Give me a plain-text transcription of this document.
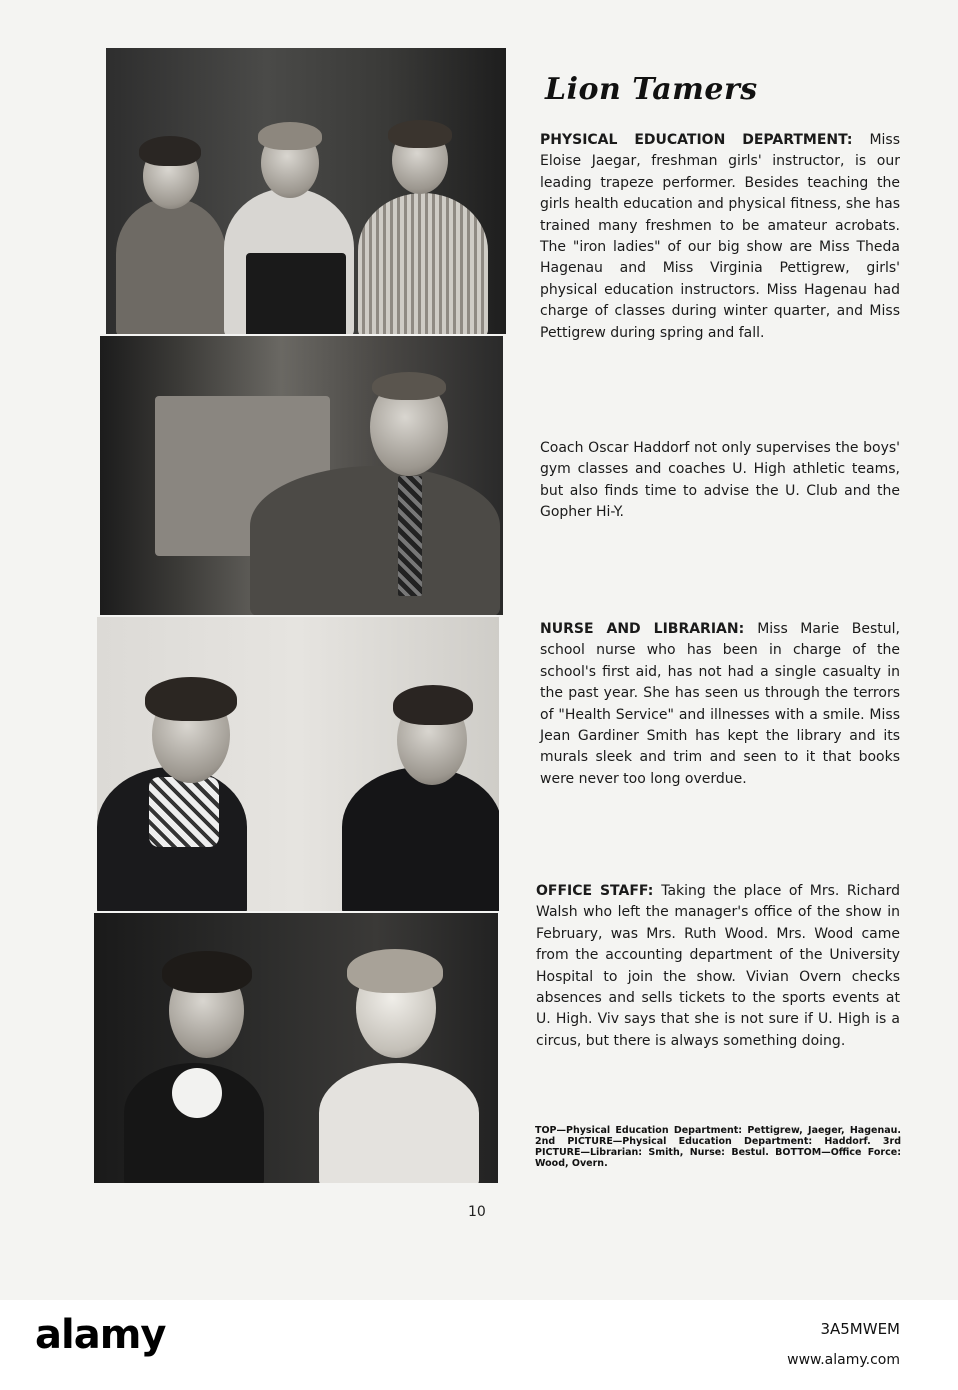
Lion Tamers

PHYSICAL EDUCATION DEPARTMENT: Miss Eloise Jaegar, freshman girls' instructor, is our leading trapeze performer. Besides teaching the girls health education and physical fitness, she has trained many freshmen to be amateur acrobats. The "iron ladies" of our big show are Miss Theda Hagenau and Miss Virginia Pettigrew, girls' physical education instructors. Miss Hagenau had charge of classes during winter quarter, and Miss Pettigrew during spring and fall.

Coach Oscar Haddorf not only supervises the boys' gym classes and coaches U. High athletic teams, but also finds time to advise the U. Club and the Gopher Hi-Y.

NURSE AND LIBRARIAN: Miss Marie Bestul, school nurse who has been in charge of the school's first aid, has not had a single casualty in the past year. She has seen us through the terrors of "Health Service" and illnesses with a smile. Miss Jean Gardiner Smith has kept the library and its murals sleek and trim and seen to it that books were never too long overdue.

OFFICE STAFF: Taking the place of Mrs. Richard Walsh who left the manager's office of the show in February, was Mrs. Ruth Wood. Mrs. Wood came from the accounting department of the University Hospital to join the show. Vivian Overn checks absences and sells tickets to the sports events at U. High. Viv says that she is not sure if U. High is a circus, but there is always something doing.

TOP—Physical Education Department: Pettigrew, Jaeger, Hagenau. 2nd PICTURE—Physical Education Department: Haddorf. 3rd PICTURE—Librarian: Smith, Nurse: Bestul. BOTTOM—Office Force: Wood, Overn.

10
alamy	3A5MWEM
www.alamy.com
